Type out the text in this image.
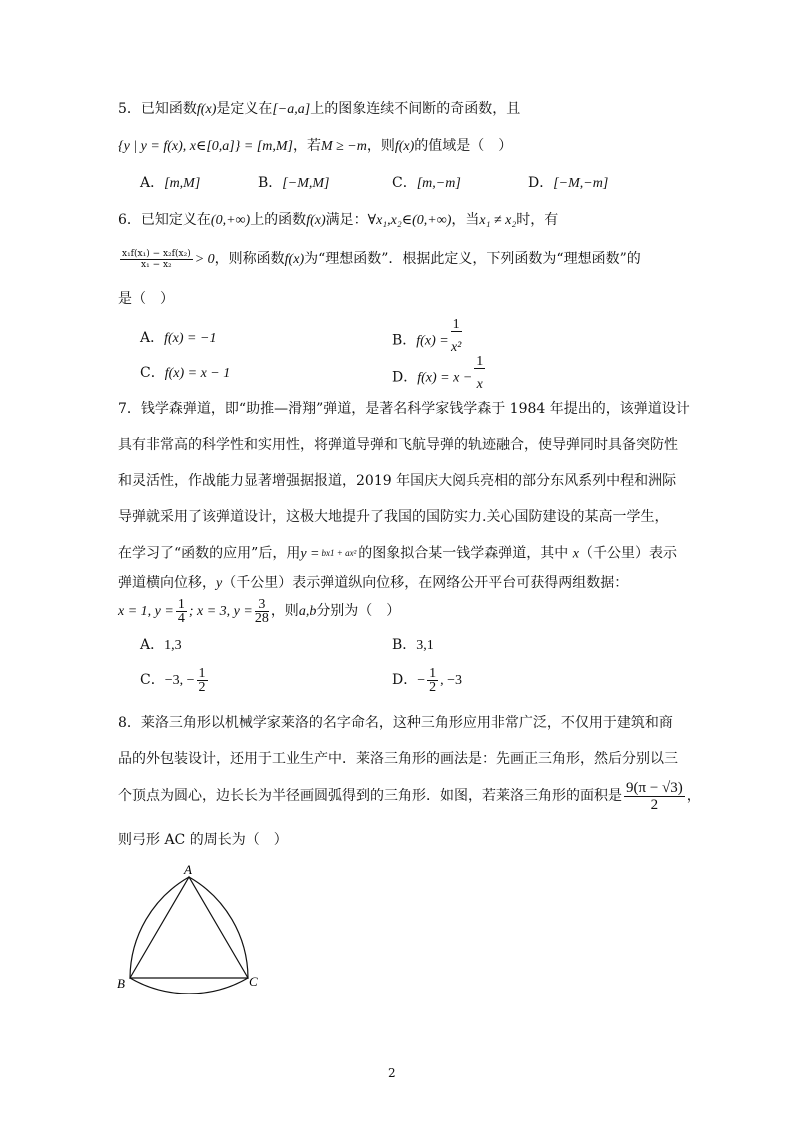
5．已知函数f(x)是定义在[−a,a]上的图象连续不间断的奇函数，且
{y | y = f(x), x∈[0,a]} = [m,M]，若M ≥ −m，则f(x)的值域是（　）
A．[m,M]	B．[−M,M]	C．[m,−m]	D．[−M,−m]
6．已知定义在(0,+∞)上的函数f(x)满足：∀x₁,x₂∈(0,+∞)，当x₁ ≠ x₂时，有
$\frac{\text{x₁f(x₁) − x₂f(x₂)}}{\text{x₁ − x₂}} > 0$，则称函数f(x)为“理想函数”．根据此定义，下列函数为“理想函数”的
是（　）
A．f(x) = −1	B．$f(x) = \frac{1}{\text{x²}}$
C．f(x) = x − 1	D．$f(x) = x - \frac{1}{x}$
7．钱学森弹道，即“助推—滑翔”弹道，是著名科学家钱学森于 1984 年提出的，该弹道设计
具有非常高的科学性和实用性，将弹道导弹和飞航导弹的轨迹融合，使导弹同时具备突防性
和灵活性，作战能力显著增强据报道，2019 年国庆大阅兵亮相的部分东风系列中程和洲际
导弹就采用了该弹道设计，这极大地提升了我国的国防实力.关心国防建设的某高一学生，
在学习了“函数的应用”后，用y = bx1 + ax² 的图象拟合某一钱学森弹道，其中 x（千公里）表示
弹道横向位移，y（千公里）表示弹道纵向位移，在网络公开平台可获得两组数据：
x = 1, $y = \frac{1}{4}$ ; x = 3, $y = \frac{3}{28}$ ，则a,b分别为（　）
A．1,3	B．3,1
C．−3, − $\frac{1}{2}$	D．− $\frac{1}{2}$ , −3
8．莱洛三角形以机械学家莱洛的名字命名，这种三角形应用非常广泛，不仅用于建筑和商
品的外包装设计，还用于工业生产中．莱洛三角形的画法是：先画正三角形，然后分别以三
个顶点为圆心，边长长为半径画圆弧得到的三角形．如图，若莱洛三角形的面积是 $\frac{9(\pi - √3)}{2}$ ，
则弓形 AC 的周长为（　）
A
B	C
2
